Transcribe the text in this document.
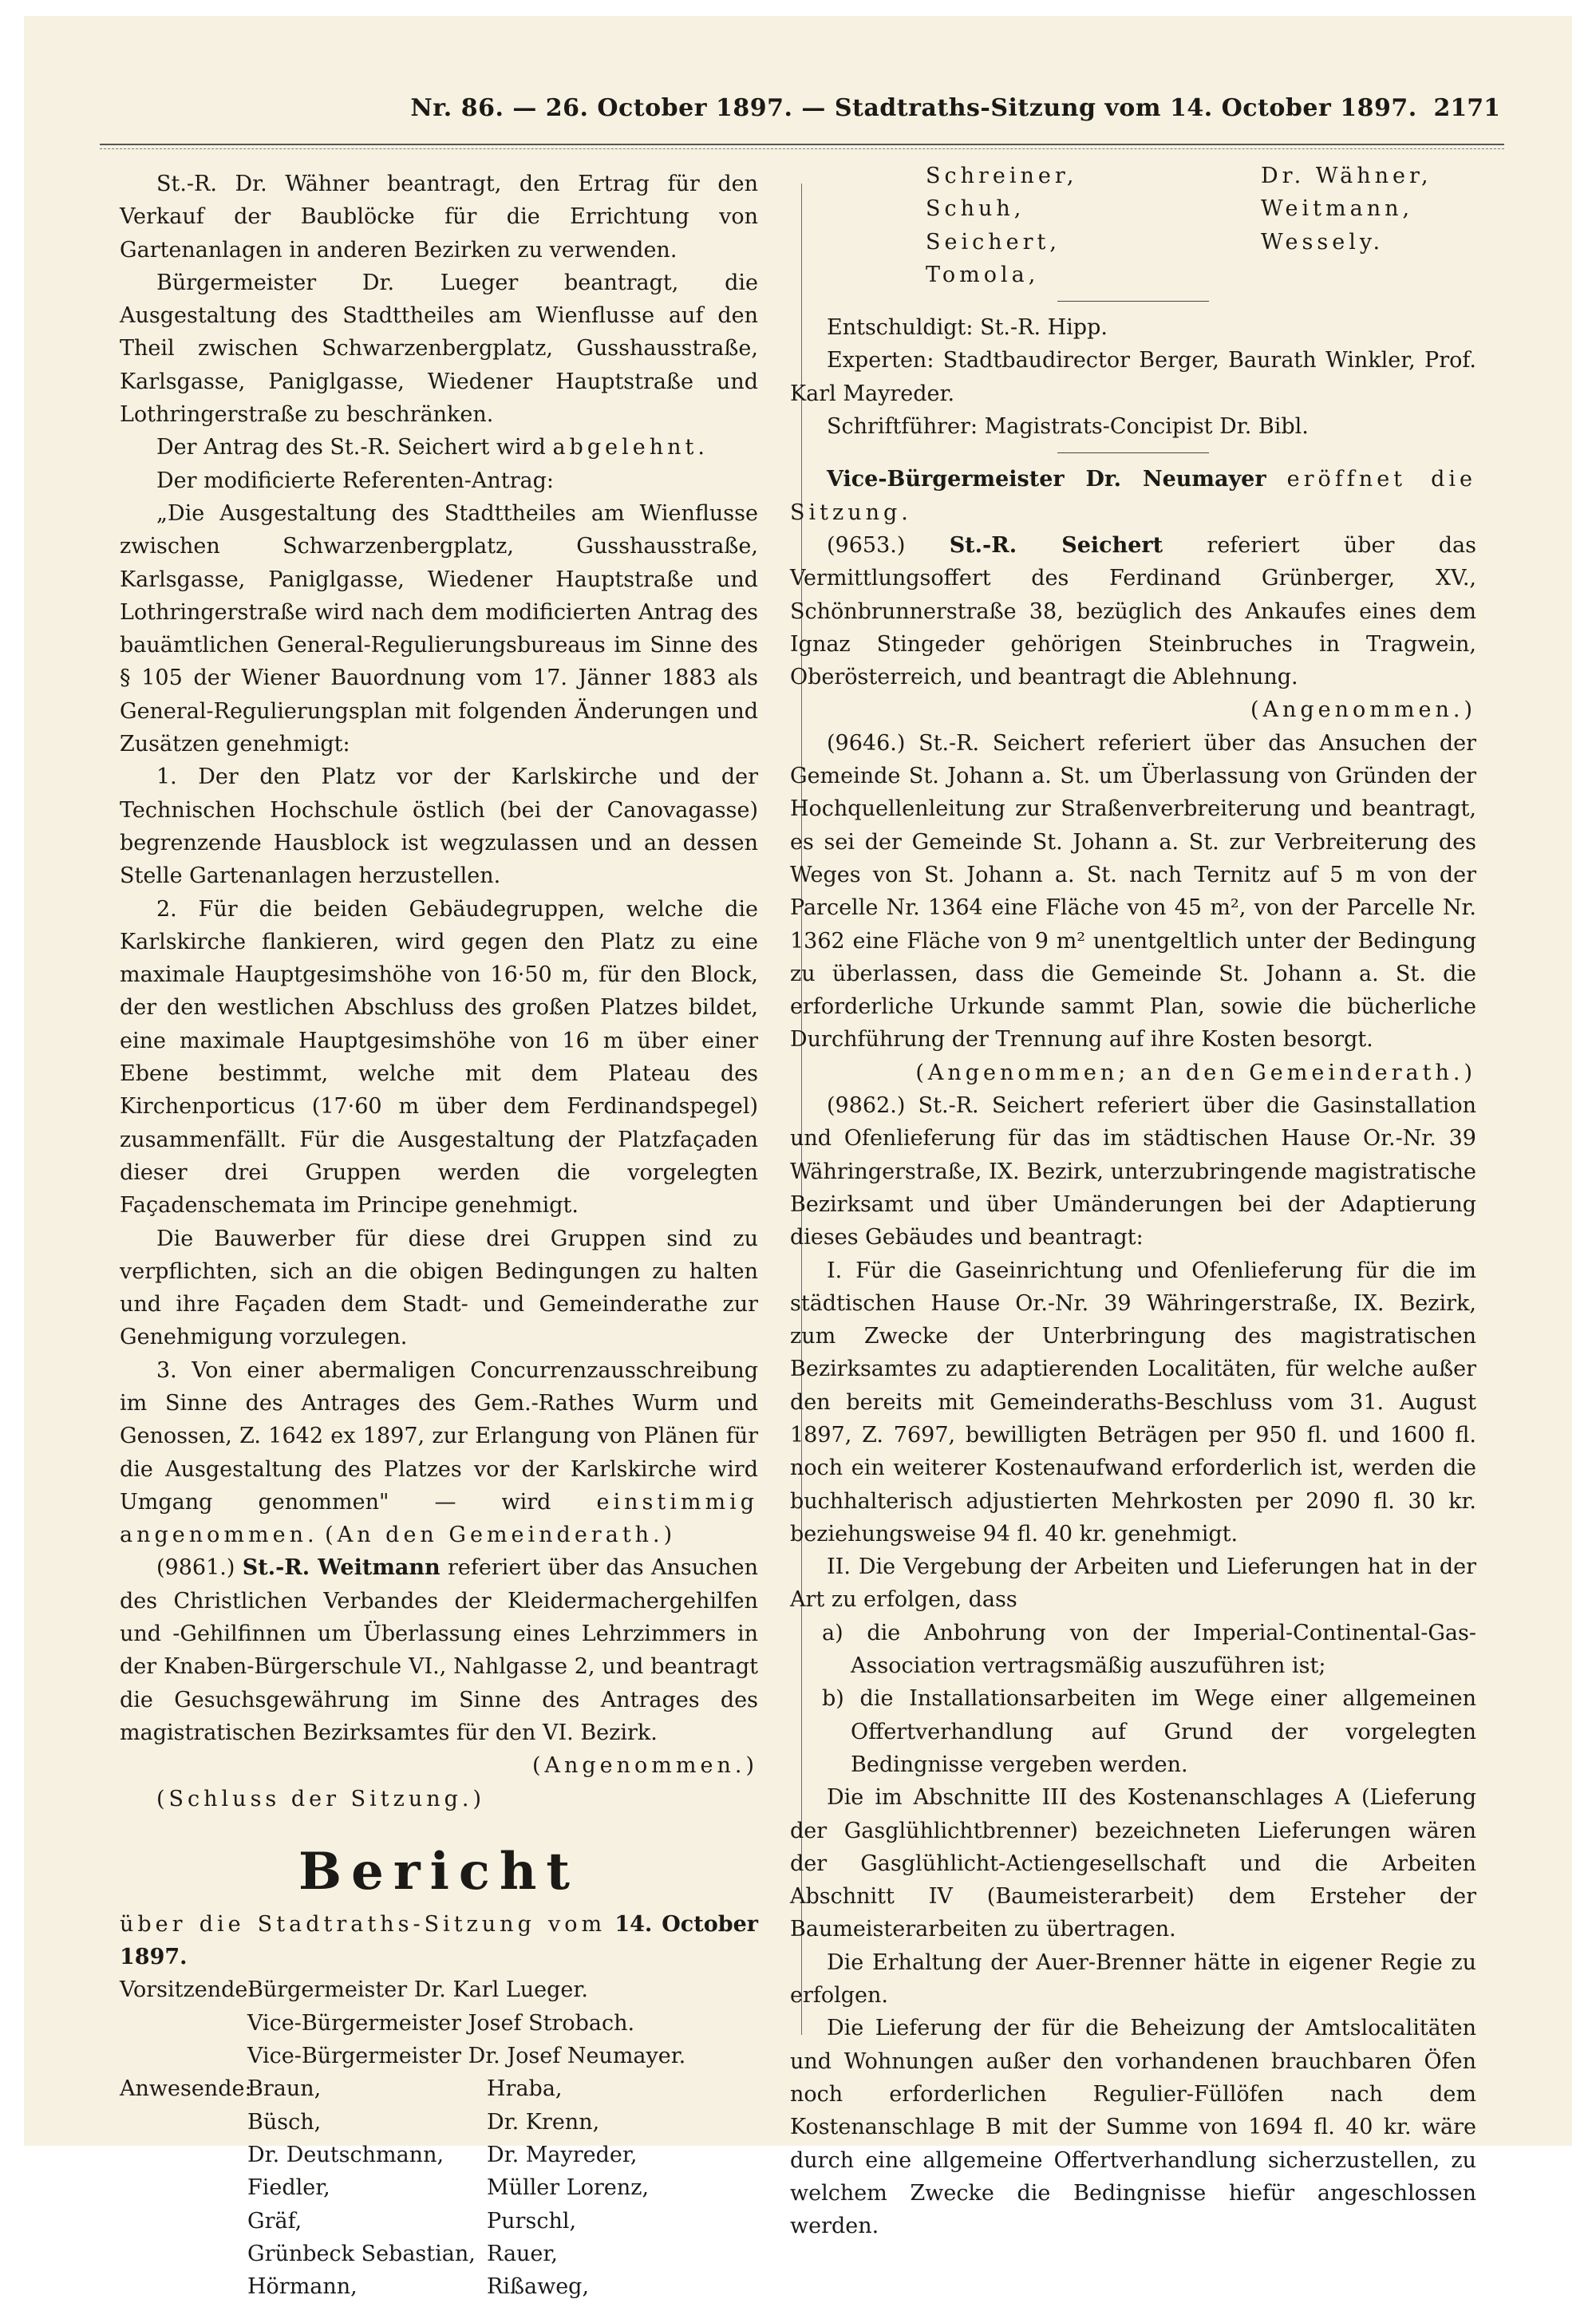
Nr. 86. — 26. October 1897. — Stadtraths-Sitzung vom 14. October 1897. 2171

St.-R. Dr. Wähner beantragt, den Ertrag für den Verkauf der Baublöcke für die Errichtung von Gartenanlagen in anderen Bezirken zu verwenden.

Bürgermeister Dr. Lueger beantragt, die Ausgestaltung des Stadttheiles am Wienflusse auf den Theil zwischen Schwarzenbergplatz, Gusshausstraße, Karlsgasse, Paniglgasse, Wiedener Hauptstraße und Lothringerstraße zu beschränken.

Der Antrag des St.-R. Seichert wird abgelehnt.

Der modificierte Referenten-Antrag:

„Die Ausgestaltung des Stadttheiles am Wienflusse zwischen Schwarzenbergplatz, Gusshausstraße, Karlsgasse, Paniglgasse, Wiedener Hauptstraße und Lothringerstraße wird nach dem modificierten Antrag des bauämtlichen General-Regulierungsbureaus im Sinne des § 105 der Wiener Bauordnung vom 17. Jänner 1883 als General-Regulierungsplan mit folgenden Änderungen und Zusätzen genehmigt:

1. Der den Platz vor der Karlskirche und der Technischen Hochschule östlich (bei der Canovagasse) begrenzende Hausblock ist wegzulassen und an dessen Stelle Gartenanlagen herzustellen.

2. Für die beiden Gebäudegruppen, welche die Karlskirche flankieren, wird gegen den Platz zu eine maximale Hauptgesimshöhe von 16·50 m, für den Block, der den westlichen Abschluss des großen Platzes bildet, eine maximale Hauptgesimshöhe von 16 m über einer Ebene bestimmt, welche mit dem Plateau des Kirchenporticus (17·60 m über dem Ferdinandspegel) zusammenfällt. Für die Ausgestaltung der Platzfaçaden dieser drei Gruppen werden die vorgelegten Façadenschemata im Principe genehmigt.

Die Bauwerber für diese drei Gruppen sind zu verpflichten, sich an die obigen Bedingungen zu halten und ihre Façaden dem Stadt- und Gemeinderathe zur Genehmigung vorzulegen.

3. Von einer abermaligen Concurrenzausschreibung im Sinne des Antrages des Gem.-Rathes Wurm und Genossen, Z. 1642 ex 1897, zur Erlangung von Plänen für die Ausgestaltung des Platzes vor der Karlskirche wird Umgang genommen" — wird einstimmig angenommen. (An den Gemeinderath.)

(9861.) St.-R. Weitmann referiert über das Ansuchen des Christlichen Verbandes der Kleidermachergehilfen und -Gehilfinnen um Überlassung eines Lehrzimmers in der Knaben-Bürgerschule VI., Nahlgasse 2, und beantragt die Gesuchsgewährung im Sinne des Antrages des magistratischen Bezirksamtes für den VI. Bezirk.

(Angenommen.)

(Schluss der Sitzung.)

Bericht

über die Stadtraths-Sitzung vom 14. October 1897.

Vorsitzende:
Bürgermeister Dr. Karl Lueger.
Vice-Bürgermeister Josef Strobach.
Vice-Bürgermeister Dr. Josef Neumayer.
Anwesende:
Braun,
Büsch,
Dr. Deutschmann,
Fiedler,
Gräf,
Grünbeck Sebastian,
Hörmann,
Hraba,
Dr. Krenn,
Dr. Mayreder,
Müller Lorenz,
Purschl,
Rauer,
Rißaweg,
Schreiner,
Schuh,
Seichert,
Tomola,
Dr. Wähner,
Weitmann,
Wessely.

Entschuldigt: St.-R. Hipp.

Experten: Stadtbaudirector Berger, Baurath Winkler, Prof. Karl Mayreder.

Schriftführer: Magistrats-Concipist Dr. Bibl.

Vice-Bürgermeister Dr. Neumayer eröffnet die Sitzung.

(9653.) St.-R. Seichert referiert über das Vermittlungsoffert des Ferdinand Grünberger, XV., Schönbrunnerstraße 38, bezüglich des Ankaufes eines dem Ignaz Stingeder gehörigen Steinbruches in Tragwein, Oberösterreich, und beantragt die Ablehnung.

(Angenommen.)

(9646.) St.-R. Seichert referiert über das Ansuchen der Gemeinde St. Johann a. St. um Überlassung von Gründen der Hochquellenleitung zur Straßenverbreiterung und beantragt, es sei der Gemeinde St. Johann a. St. zur Verbreiterung des Weges von St. Johann a. St. nach Ternitz auf 5 m von der Parcelle Nr. 1364 eine Fläche von 45 m², von der Parcelle Nr. 1362 eine Fläche von 9 m² unentgeltlich unter der Bedingung zu überlassen, dass die Gemeinde St. Johann a. St. die erforderliche Urkunde sammt Plan, sowie die bücherliche Durchführung der Trennung auf ihre Kosten besorgt.

(Angenommen; an den Gemeinderath.)

(9862.) St.-R. Seichert referiert über die Gasinstallation und Ofenlieferung für das im städtischen Hause Or.-Nr. 39 Währingerstraße, IX. Bezirk, unterzubringende magistratische Bezirksamt und über Umänderungen bei der Adaptierung dieses Gebäudes und beantragt:

I. Für die Gaseinrichtung und Ofenlieferung für die im städtischen Hause Or.-Nr. 39 Währingerstraße, IX. Bezirk, zum Zwecke der Unterbringung des magistratischen Bezirksamtes zu adaptierenden Localitäten, für welche außer den bereits mit Gemeinderaths-Beschluss vom 31. August 1897, Z. 7697, bewilligten Beträgen per 950 fl. und 1600 fl. noch ein weiterer Kostenaufwand erforderlich ist, werden die buchhalterisch adjustierten Mehrkosten per 2090 fl. 30 kr. beziehungsweise 94 fl. 40 kr. genehmigt.

II. Die Vergebung der Arbeiten und Lieferungen hat in der Art zu erfolgen, dass

a) die Anbohrung von der Imperial-Continental-Gas-Association vertragsmäßig auszuführen ist;

b) die Installationsarbeiten im Wege einer allgemeinen Offertverhandlung auf Grund der vorgelegten Bedingnisse vergeben werden.

Die im Abschnitte III des Kostenanschlages A (Lieferung der Gasglühlichtbrenner) bezeichneten Lieferungen wären der Gasglühlicht-Actiengesellschaft und die Arbeiten Abschnitt IV (Baumeisterarbeit) dem Ersteher der Baumeisterarbeiten zu übertragen.

Die Erhaltung der Auer-Brenner hätte in eigener Regie zu erfolgen.

Die Lieferung der für die Beheizung der Amtslocalitäten und Wohnungen außer den vorhandenen brauchbaren Öfen noch erforderlichen Regulier-Füllöfen nach dem Kostenanschlage B mit der Summe von 1694 fl. 40 kr. wäre durch eine allgemeine Offertverhandlung sicherzustellen, zu welchem Zwecke die Bedingnisse hiefür angeschlossen werden.
